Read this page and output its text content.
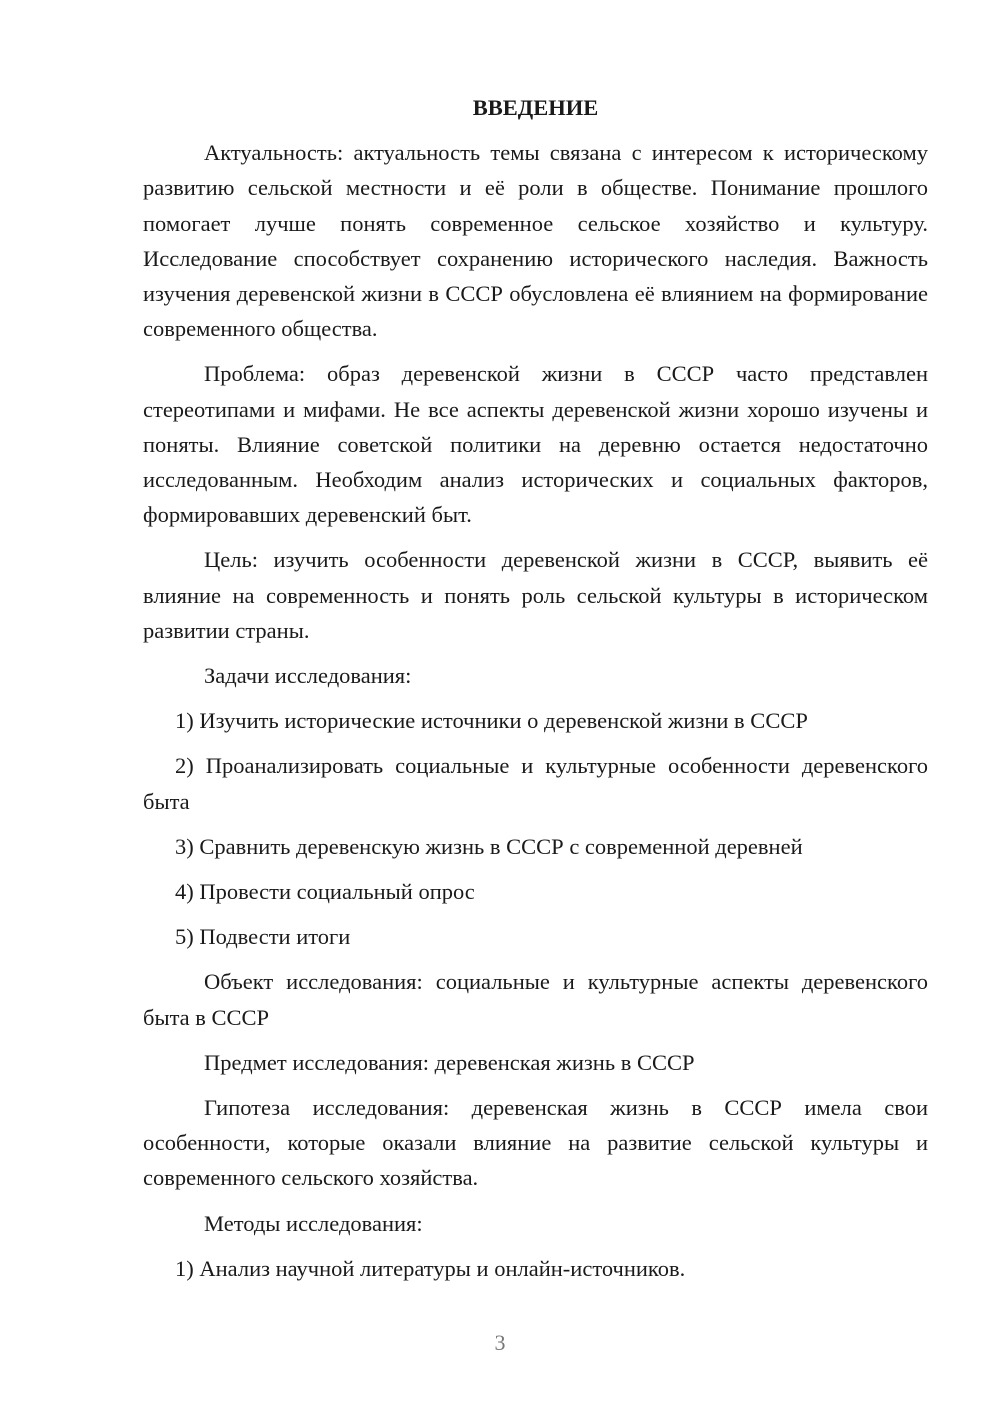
ВВЕДЕНИЕ

Актуальность: актуальность темы связана с интересом к историческому развитию сельской местности и её роли в обществе. Понимание прошлого помогает лучше понять современное сельское хозяйство и культуру. Исследование способствует сохранению исторического наследия. Важность изучения деревенской жизни в СССР обусловлена её влиянием на формирование современного общества.

Проблема: образ деревенской жизни в СССР часто представлен стереотипами и мифами. Не все аспекты деревенской жизни хорошо изучены и поняты. Влияние советской политики на деревню остается недостаточно исследованным. Необходим анализ исторических и социальных факторов, формировавших деревенский быт.

Цель: изучить особенности деревенской жизни в СССР, выявить её влияние на современность и понять роль сельской культуры в историческом развитии страны.

Задачи исследования:

1) Изучить исторические источники о деревенской жизни в СССР

2) Проанализировать социальные и культурные особенности деревенского быта

3) Сравнить деревенскую жизнь в СССР с современной деревней

4) Провести социальный опрос

5) Подвести итоги

Объект исследования: социальные и культурные аспекты деревенского быта в СССР

Предмет исследования: деревенская жизнь в СССР

Гипотеза исследования: деревенская жизнь в СССР имела свои особенности, которые оказали влияние на развитие сельской культуры и современного сельского хозяйства.

Методы исследования:

1) Анализ научной литературы и онлайн-источников.

3
